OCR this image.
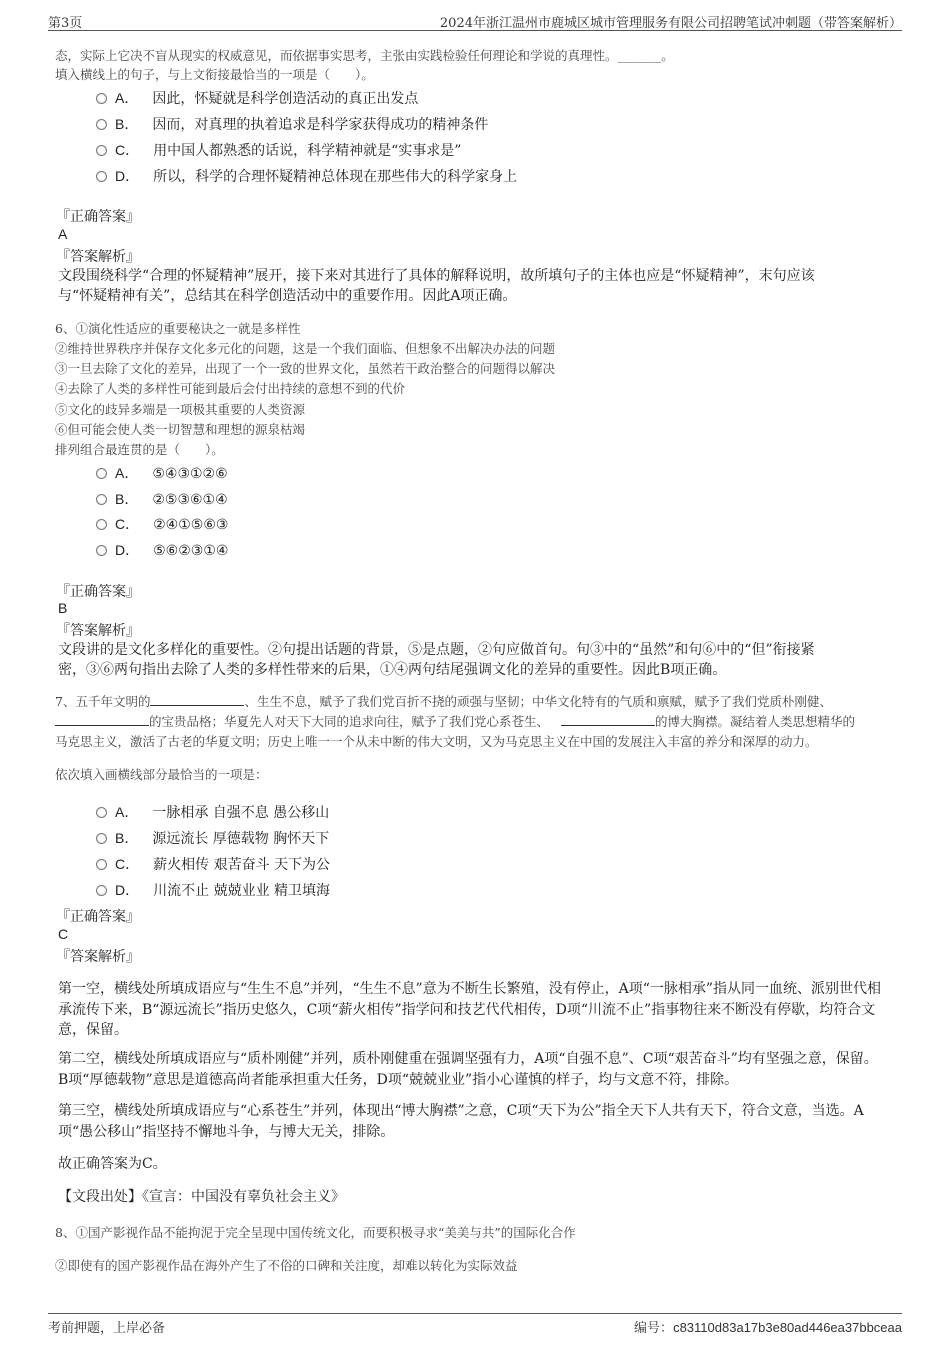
第3页	2024年浙江温州市鹿城区城市管理服务有限公司招聘笔试冲刺题（带答案解析）
态，实际上它决不盲从现实的权威意见，而依据事实思考，主张由实践检验任何理论和学说的真理性。_______。
填入横线上的句子，与上文衔接最恰当的一项是（　　）。
A． 因此，怀疑就是科学创造活动的真正出发点
B． 因而，对真理的执着追求是科学家获得成功的精神条件
C． 用中国人都熟悉的话说，科学精神就是“实事求是”
D． 所以，科学的合理怀疑精神总体现在那些伟大的科学家身上
『正确答案』
A
『答案解析』
文段围绕科学“合理的怀疑精神”展开，接下来对其进行了具体的解释说明，故所填句子的主体也应是“怀疑精神”，末句应该
与“怀疑精神有关”，总结其在科学创造活动中的重要作用。因此A项正确。
6、①演化性适应的重要秘诀之一就是多样性
②维持世界秩序并保存文化多元化的问题，这是一个我们面临、但想象不出解决办法的问题
③一旦去除了文化的差异，出现了一个一致的世界文化，虽然若干政治整合的问题得以解决
④去除了人类的多样性可能到最后会付出持续的意想不到的代价
⑤文化的歧异多端是一项极其重要的人类资源
⑥但可能会使人类一切智慧和理想的源泉枯竭
排列组合最连贯的是（　　）。
A． ⑤④③①②⑥
B． ②⑤③⑥①④
C． ②④①⑤⑥③
D． ⑤⑥②③①④
『正确答案』
B
『答案解析』
文段讲的是文化多样化的重要性。②句提出话题的背景，⑤是点题，②句应做首句。句③中的“虽然”和句⑥中的“但”衔接紧
密，③⑥两句指出去除了人类的多样性带来的后果，①④两句结尾强调文化的差异的重要性。因此B项正确。
7、五千年文明的	、生生不息，赋予了我们党百折不挠的顽强与坚韧；中华文化特有的气质和禀赋，赋予了我们党质朴刚健、
的宝贵品格；华夏先人对天下大同的追求向往，赋予了我们党心系苍生、	的博大胸襟。凝结着人类思想精华的
马克思主义，激活了古老的华夏文明；历史上唯一一个从未中断的伟大文明，又为马克思主义在中国的发展注入丰富的养分和深厚的动力。
依次填入画横线部分最恰当的一项是：
A． 一脉相承 自强不息 愚公移山
B． 源远流长 厚德载物 胸怀天下
C． 薪火相传 艰苦奋斗 天下为公
D． 川流不止 兢兢业业 精卫填海
『正确答案』
C
『答案解析』
第一空，横线处所填成语应与“生生不息”并列，“生生不息”意为不断生长繁殖，没有停止，A项“一脉相承”指从同一血统、派别世代相承流传下来，B“源远流长”指历史悠久，C项“薪火相传”指学问和技艺代代相传，D项“川流不止”指事物往来不断没有停歇，均符合文意，保留。
第二空，横线处所填成语应与“质朴刚健”并列，质朴刚健重在强调坚强有力，A项“自强不息”、C项“艰苦奋斗”均有坚强之意，保留。B项“厚德载物”意思是道德高尚者能承担重大任务，D项“兢兢业业”指小心谨慎的样子，均与文意不符，排除。
第三空，横线处所填成语应与“心系苍生”并列，体现出“博大胸襟”之意，C项“天下为公”指全天下人共有天下，符合文意，当选。A项“愚公移山”指坚持不懈地斗争，与博大无关，排除。
故正确答案为C。
【文段出处】《宣言：中国没有辜负社会主义》
8、①国产影视作品不能拘泥于完全呈现中国传统文化，而要积极寻求“美美与共”的国际化合作
②即使有的国产影视作品在海外产生了不俗的口碑和关注度，却难以转化为实际效益
考前押题，上岸必备	编号：c83110d83a17b3e80ad446ea37bbceaa
